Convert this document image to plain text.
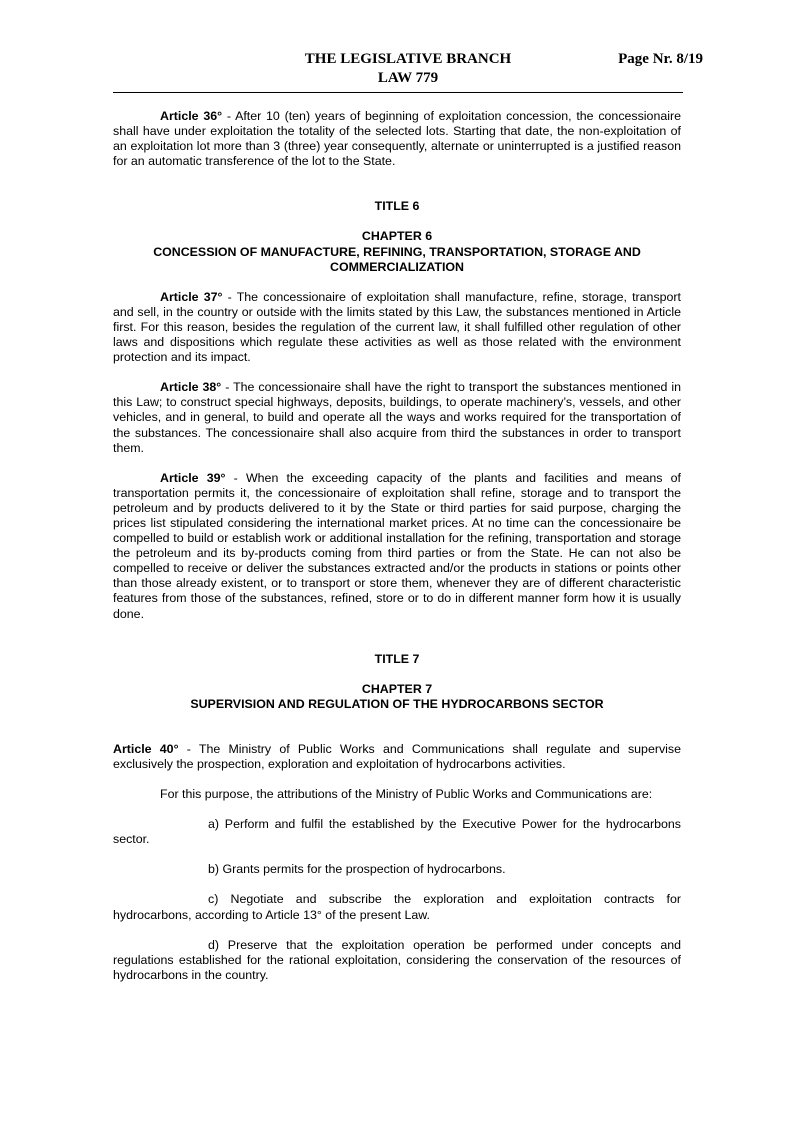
THE LEGISLATIVE BRANCH	Page Nr. 8/19
LAW 779

Article 36° - After 10 (ten) years of beginning of exploitation concession, the concessionaire shall have under exploitation the totality of the selected lots. Starting that date, the non-exploitation of an exploitation lot more than 3 (three) year consequently, alternate or uninterrupted is a justified reason for an automatic transference of the lot to the State.

TITLE 6

CHAPTER 6

CONCESSION OF MANUFACTURE, REFINING, TRANSPORTATION, STORAGE AND COMMERCIALIZATION

Article 37° - The concessionaire of exploitation shall manufacture, refine, storage, transport and sell, in the country or outside with the limits stated by this Law, the substances mentioned in Article first. For this reason, besides the regulation of the current law, it shall fulfilled other regulation of other laws and dispositions which regulate these activities as well as those related with the environment protection and its impact.

Article 38° - The concessionaire shall have the right to transport the substances mentioned in this Law; to construct special highways, deposits, buildings, to operate machinery’s, vessels, and other vehicles, and in general, to build and operate all the ways and works required for the transportation of the substances. The concessionaire shall also acquire from third the substances in order to transport them.

Article 39° - When the exceeding capacity of the plants and facilities and means of transportation permits it, the concessionaire of exploitation shall refine, storage and to transport the petroleum and by products delivered to it by the State or third parties for said purpose, charging the prices list stipulated considering the international market prices. At no time can the concessionaire be compelled to build or establish work or additional installation for the refining, transportation and storage the petroleum and its by-products coming from third parties or from the State. He can not also be compelled to receive or deliver the substances extracted and/or the products in stations or points other than those already existent, or to transport or store them, whenever they are of different characteristic features from those of the substances, refined, store or to do in different manner form how it is usually done.

TITLE 7

CHAPTER 7

SUPERVISION AND REGULATION OF THE HYDROCARBONS SECTOR

Article 40° - The Ministry of Public Works and Communications shall regulate and supervise exclusively the prospection, exploration and exploitation of hydrocarbons activities.

For this purpose, the attributions of the Ministry of Public Works and Communications are:

a) Perform and fulfil the established by the Executive Power for the hydrocarbons sector.

b) Grants permits for the prospection of hydrocarbons.

c) Negotiate and subscribe the exploration and exploitation contracts for hydrocarbons, according to Article 13° of the present Law.

d) Preserve that the exploitation operation be performed under concepts and regulations established for the rational exploitation, considering the conservation of the resources of hydrocarbons in the country.
